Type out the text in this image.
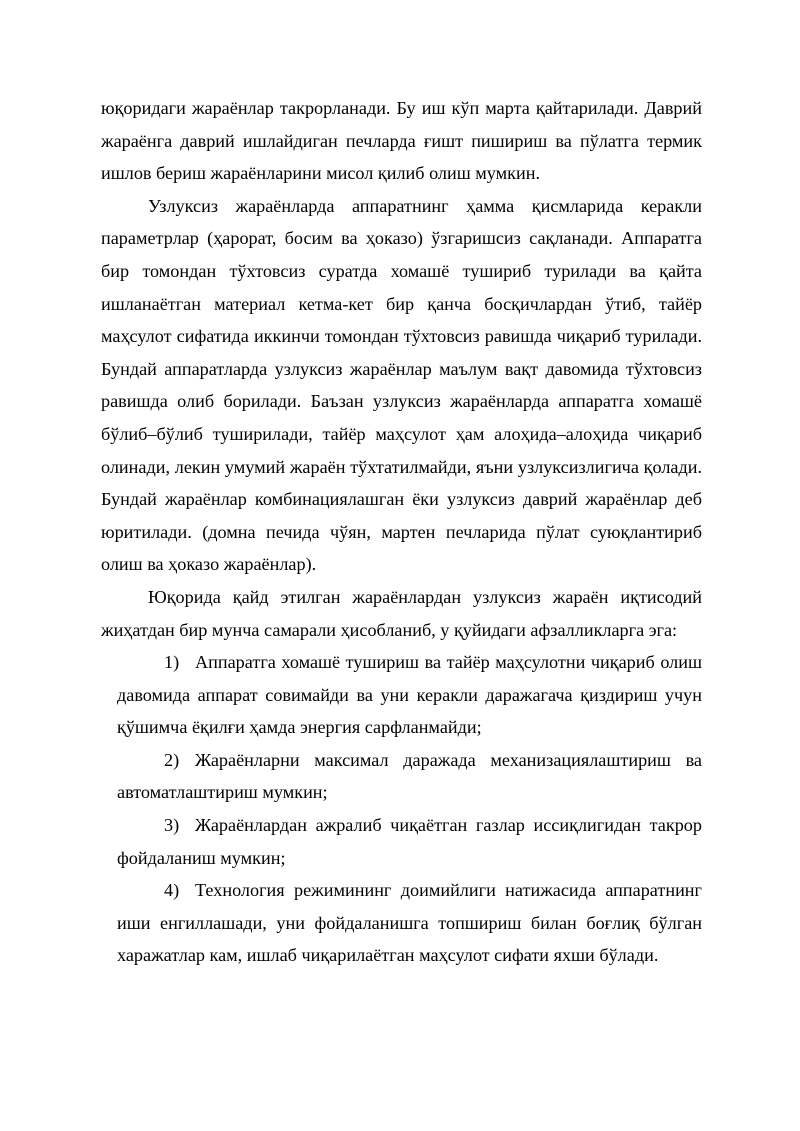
юқоридаги жараёнлар такрорланади. Бу иш кўп марта қайтарилади. Даврий жараёнга даврий ишлайдиган печларда ғишт пишириш ва пўлатга термик ишлов бериш жараёнларини мисол қилиб олиш мумкин.

Узлуксиз жараёнларда аппаратнинг ҳамма қисмларида керакли параметрлар (ҳарорат, босим ва ҳоказо) ўзгаришсиз сақланади. Аппаратга бир томондан тўхтовсиз суратда хомашё тушириб турилади ва қайта ишланаётган материал кетма-кет бир қанча босқичлардан ўтиб, тайёр маҳсулот сифатида иккинчи томондан тўхтовсиз равишда чиқариб турилади. Бундай аппаратларда узлуксиз жараёнлар маълум вақт давомида тўхтовсиз равишда олиб борилади. Баъзан узлуксиз жараёнларда аппаратга хомашё бўлиб–бўлиб туширилади, тайёр маҳсулот ҳам алоҳида–алоҳида чиқариб олинади, лекин умумий жараён тўхтатилмайди, яъни узлуксизлигича қолади. Бундай жараёнлар комбинациялашган ёки узлуксиз даврий жараёнлар деб юритилади. (домна печида чўян, мартен печларида пўлат суюқлантириб олиш ва ҳоказо жараёнлар).

Юқорида қайд этилган жараёнлардан узлуксиз жараён иқтисодий жиҳатдан бир мунча самарали ҳисобланиб, у қуйидаги афзалликларга эга:

1) Аппаратга хомашё тушириш ва тайёр маҳсулотни чиқариб олиш давомида аппарат совимайди ва уни керакли даражагача қиздириш учун қўшимча ёқилғи ҳамда энергия сарфланмайди;

2) Жараёнларни максимал даражада механизациялаштириш ва автоматлаштириш мумкин;

3) Жараёнлардан ажралиб чиқаётган газлар иссиқлигидан такрор фойдаланиш мумкин;

4) Технология режимининг доимийлиги натижасида аппаратнинг иши енгиллашади, уни фойдаланишга топшириш билан боғлиқ бўлган харажатлар кам, ишлаб чиқарилаётган маҳсулот сифати яхши бўлади.
